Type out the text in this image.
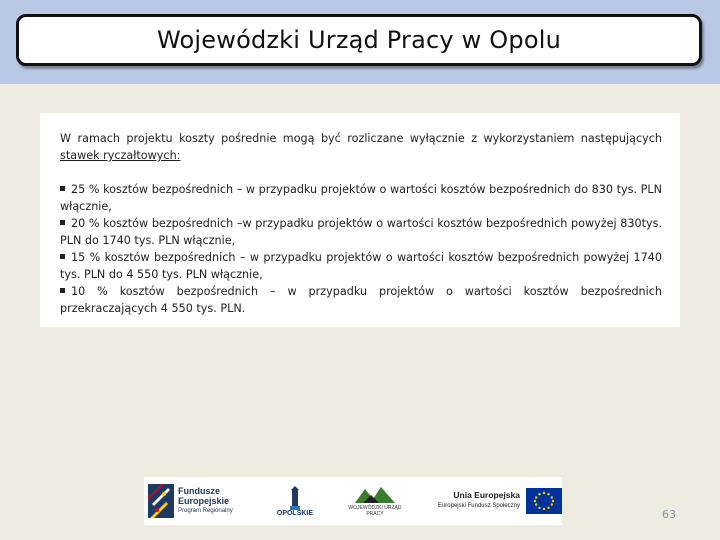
Wojewódzki Urząd Pracy w Opolu

W ramach projektu koszty pośrednie mogą być rozliczane wyłącznie z wykorzystaniem następujących stawek ryczałtowych:

25 % kosztów bezpośrednich – w przypadku projektów o wartości kosztów bezpośrednich do 830 tys. PLN włącznie,

20 % kosztów bezpośrednich –w przypadku projektów o wartości kosztów bezpośrednich powyżej 830tys. PLN do 1740 tys. PLN włącznie,

15 % kosztów bezpośrednich – w przypadku projektów o wartości kosztów bezpośrednich powyżej 1740 tys. PLN do 4 550 tys. PLN włącznie,

10 % kosztów bezpośrednich – w przypadku projektów o wartości kosztów bezpośrednich przekraczających 4 550 tys. PLN.

Fundusze
Europejskie
Program Regionalny	OPOLSKIE
WOJEWÓDZKI URZĄD PRACY
Unia Europejska
Europejski Fundusz Społeczny
63
